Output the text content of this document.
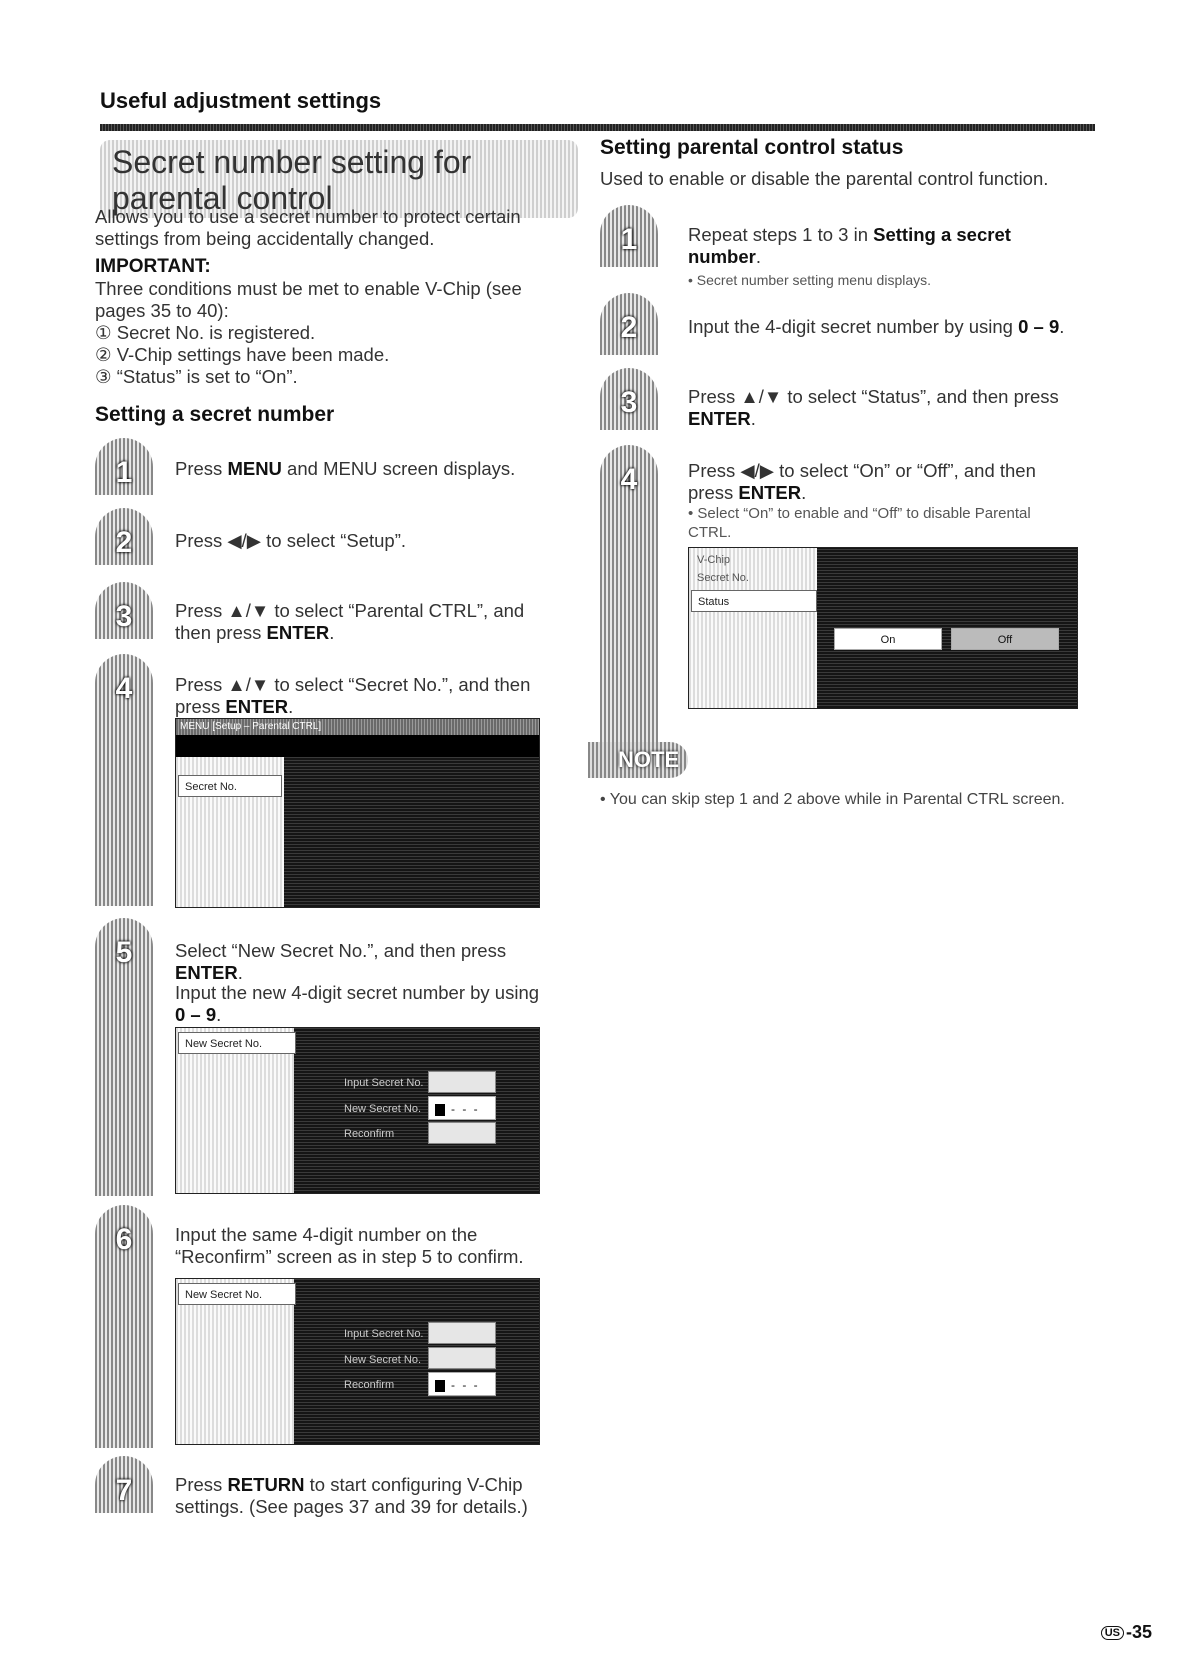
Useful adjustment settings
Secret number setting for parental control
Allows you to use a secret number to protect certain settings from being accidentally changed.
IMPORTANT:
Three conditions must be met to enable V-Chip (see pages 35 to 40):
① Secret No. is registered.
② V-Chip settings have been made.
③ “Status” is set to “On”.
Setting a secret number
1
2
3
4
5
6
7
Press MENU and MENU screen displays.
Press ◀/▶ to select “Setup”.
Press ▲/▼ to select “Parental CTRL”, and then press ENTER.
Press ▲/▼ to select “Secret No.”, and then press ENTER.
MENU [Setup – Parental CTRL]
Secret No.
Select “New Secret No.”, and then press ENTER.
Input the new 4-digit secret number by using
0 – 9.
New Secret No.
Input Secret No.
New Secret No.	- - -
Reconfirm
Input the same 4-digit number on the “Reconfirm” screen as in step 5 to confirm.
New Secret No.
Input Secret No.
New Secret No.
Reconfirm	- - -
Press RETURN to start configuring V-Chip settings. (See pages 37 and 39 for details.)
Setting parental control status
Used to enable or disable the parental control function.
1
2
3
4
Repeat steps 1 to 3 in Setting a secret number.
• Secret number setting menu displays.
Input the 4-digit secret number by using 0 – 9.
Press ▲/▼ to select “Status”, and then press ENTER.
Press ◀/▶ to select “On” or “Off”, and then press ENTER.
• Select “On” to enable and “Off” to disable Parental CTRL.
V-Chip
Secret No.
Status
On	Off
NOTE
• You can skip step 1 and 2 above while in Parental CTRL screen.
US -35
